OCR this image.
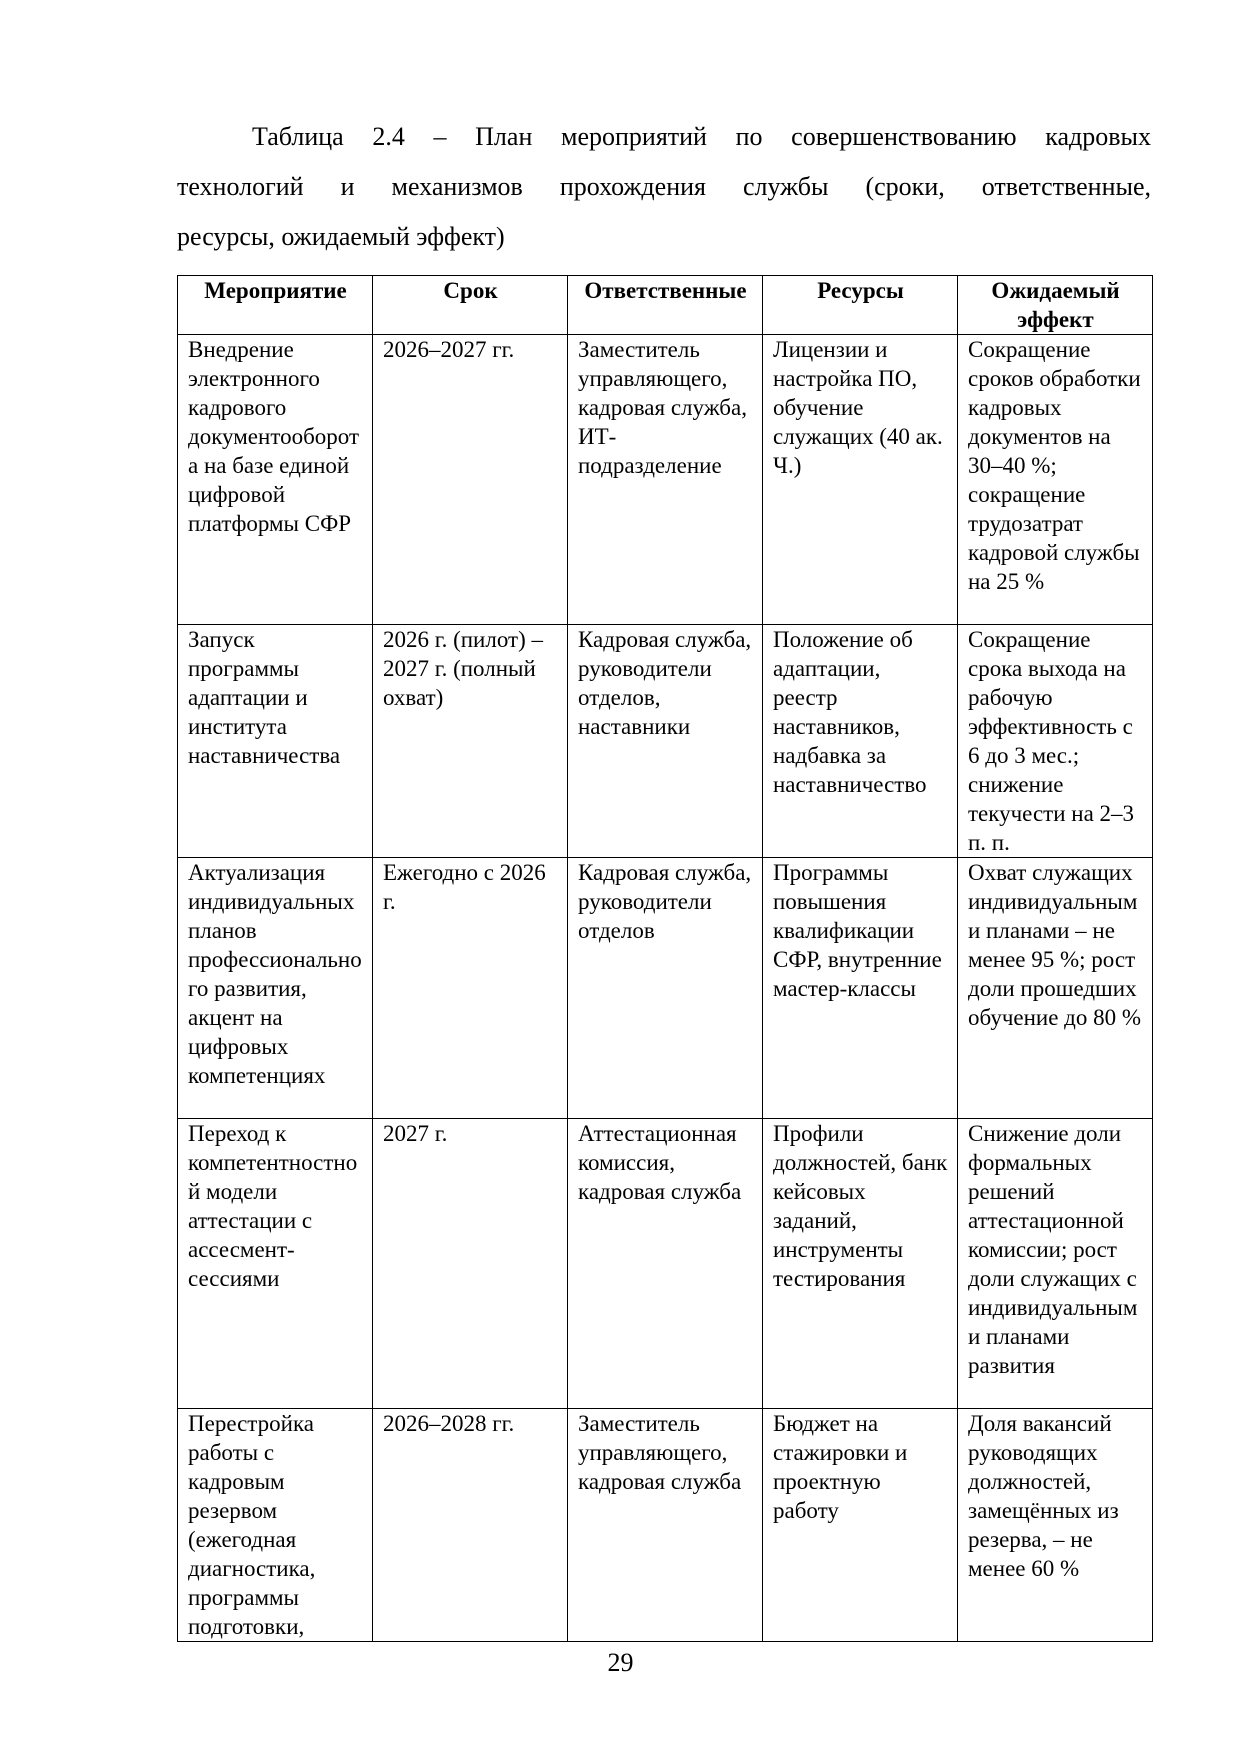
Таблица 2.4 – План мероприятий по совершенствованию кадровых
технологий и механизмов прохождения службы (сроки, ответственные,
ресурсы, ожидаемый эффект)
Мероприятие	Срок	Ответственные	Ресурсы	Ожидаемый эффект
Внедрение электронного кадрового документооборота на базе единой цифровой платформы СФР	2026–2027 гг.	Заместитель управляющего, кадровая служба, ИТ-подразделение	Лицензии и настройка ПО, обучение служащих (40 ак. Ч.)	Сокращение сроков обработки кадровых документов на 30–40 %; сокращение трудозатрат кадровой службы на 25 %
Запуск программы адаптации и института наставничества	2026 г. (пилот) – 2027 г. (полный охват)	Кадровая служба, руководители отделов, наставники	Положение об адаптации, реестр наставников, надбавка за наставничество	Сокращение срока выхода на рабочую эффективность с 6 до 3 мес.; снижение текучести на 2–3 п. п.
Актуализация индивидуальных планов профессионального развития, акцент на цифровых компетенциях	Ежегодно с 2026 г.	Кадровая служба, руководители отделов	Программы повышения квалификации СФР, внутренние мастер-классы	Охват служащих индивидуальными планами – не менее 95 %; рост доли прошедших обучение до 80 %
Переход к компетентностной модели аттестации с ассесмент-сессиями	2027 г.	Аттестационная комиссия, кадровая служба	Профили должностей, банк кейсовых заданий, инструменты тестирования	Снижение доли формальных решений аттестационной комиссии; рост доли служащих с индивидуальными планами развития
Перестройка работы с кадровым резервом (ежегодная диагностика, программы подготовки,	2026–2028 гг.	Заместитель управляющего, кадровая служба	Бюджет на стажировки и проектную работу	Доля вакансий руководящих должностей, замещённых из резерва, – не менее 60 %
29
